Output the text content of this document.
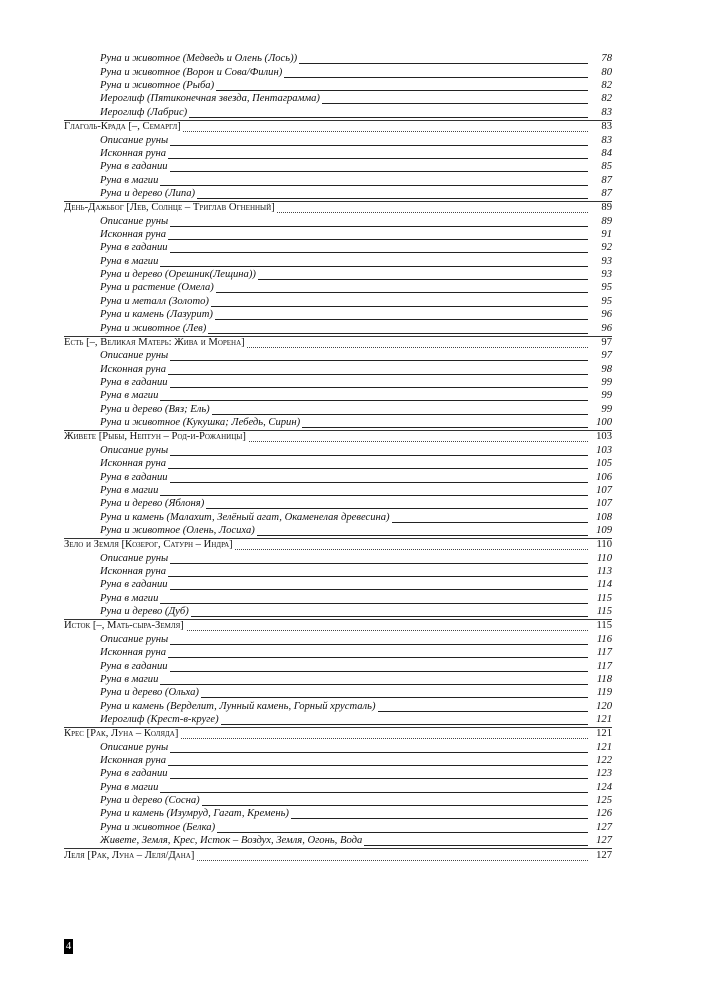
Руна и животное (Медведь и Олень (Лось))	78
Руна и животное (Ворон и Сова/Филин)	80
Руна и животное (Рыба)	82
Иероглиф (Пятиконечная звезда, Пентаграмма)	82
Иероглиф (Лабрис)	83
Глаголь-Крада [–, Семаргл]	83
Описание руны	83
Исконная руна	84
Руна в гадании	85
Руна в магии	87
Руна и дерево (Липа)	87
День-Дажьбог [Лев, Солнце – Триглав Огненный]	89
Описание руны	89
Исконная руна	91
Руна в гадании	92
Руна в магии	93
Руна и дерево (Орешник(Лещина))	93
Руна и растение (Омела)	95
Руна и металл (Золото)	95
Руна и камень (Лазурит)	96
Руна и животное (Лев)	96
Есть [–, Великая Матерь: Жива и Морена]	97
Описание руны	97
Исконная руна	98
Руна в гадании	99
Руна в магии	99
Руна и дерево (Вяз; Ель)	99
Руна и животное (Кукушка; Лебедь, Сирин)	100
Живете [Рыбы, Нептун – Род-и-Рожаницы]	103
Описание руны	103
Исконная руна	105
Руна в гадании	106
Руна в магии	107
Руна и дерево (Яблоня)	107
Руна и камень (Малахит, Зелёный агат, Окаменелая древесина)	108
Руна и животное (Олень, Лосиха)	109
Зело и Земля [Козерог, Сатурн – Индра]	110
Описание руны	110
Исконная руна	113
Руна в гадании	114
Руна в магии	115
Руна и дерево (Дуб)	115
Исток [–, Мать-сыра-Земля]	115
Описание руны	116
Исконная руна	117
Руна в гадании	117
Руна в магии	118
Руна и дерево (Ольха)	119
Руна и камень (Верделит, Лунный камень, Горный хрусталь)	120
Иероглиф (Крест-в-круге)	121
Крес [Рак, Луна – Коляда]	121
Описание руны	121
Исконная руна	122
Руна в гадании	123
Руна в магии	124
Руна и дерево (Сосна)	125
Руна и камень (Изумруд, Гагат, Кремень)	126
Руна и животное (Белка)	127
Живете, Земля, Крес, Исток – Воздух, Земля, Огонь, Вода	127
Леля [Рак, Луна – Леля/Дана]	127
4
